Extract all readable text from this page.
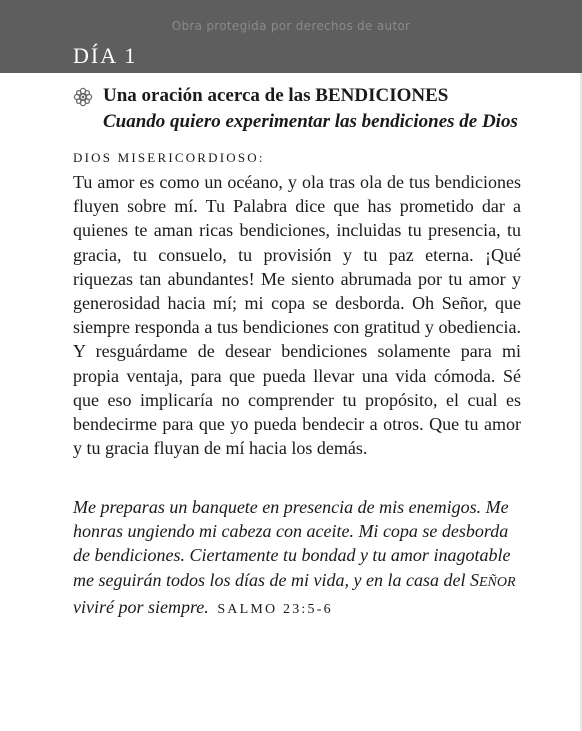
Obra protegida por derechos de autor
DÍA 1
Una oración acerca de las BENDICIONES
Cuando quiero experimentar las bendiciones de Dios
DIOS MISERICORDIOSO:
Tu amor es como un océano, y ola tras ola de tus bendiciones fluyen sobre mí. Tu Palabra dice que has prometido dar a quienes te aman ricas bendiciones, incluidas tu presencia, tu gracia, tu consuelo, tu provisión y tu paz eterna. ¡Qué riquezas tan abundantes! Me siento abrumada por tu amor y generosidad hacia mí; mi copa se desborda. Oh Señor, que siempre responda a tus bendiciones con gratitud y obediencia. Y resguárdame de desear bendiciones solamente para mi propia ventaja, para que pueda llevar una vida cómoda. Sé que eso implicaría no comprender tu propósito, el cual es bendecirme para que yo pueda bendecir a otros. Que tu amor y tu gracia fluyan de mí hacia los demás.
Me preparas un banquete en presencia de mis enemigos. Me honras ungiendo mi cabeza con aceite. Mi copa se desborda de bendiciones. Ciertamente tu bondad y tu amor inagotable me seguirán todos los días de mi vida, y en la casa del SEÑOR viviré por siempre. SALMO 23:5-6
